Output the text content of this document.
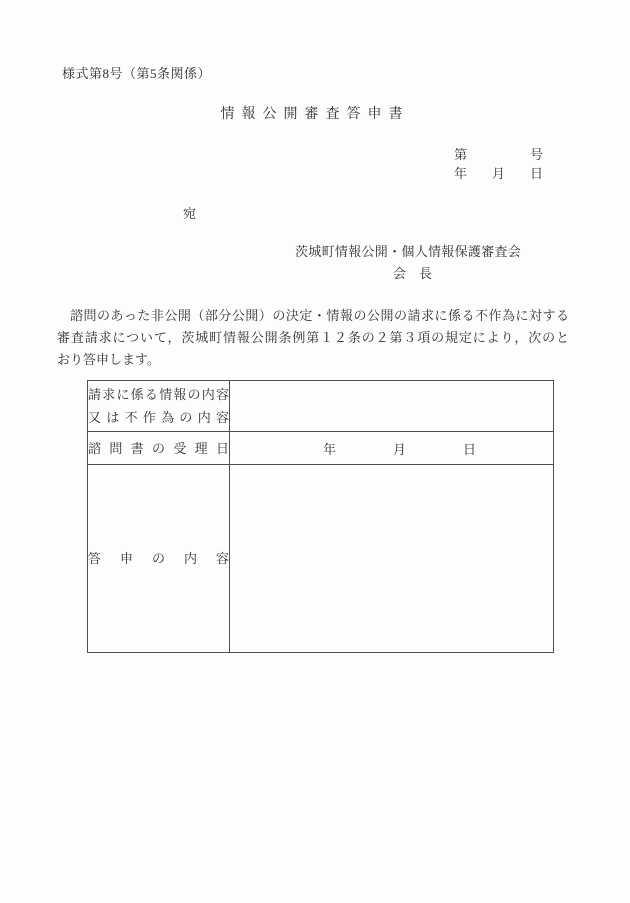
様式第8号（第5条関係）
情報公開審査答申書
第	号
年 月 日
宛
茨城町情報公開・個人情報保護審査会
会　長
諮問のあった非公開（部分公開）の決定・情報の公開の請求に係る不作為に対する
審査請求について，茨城町情報公開条例第１２条の２第３項の規定により，次のと
おり答申します。
請求に係る情報の内容
又は不作為の内容	

諮問書の受理日	年 月 日

答申の内容	
